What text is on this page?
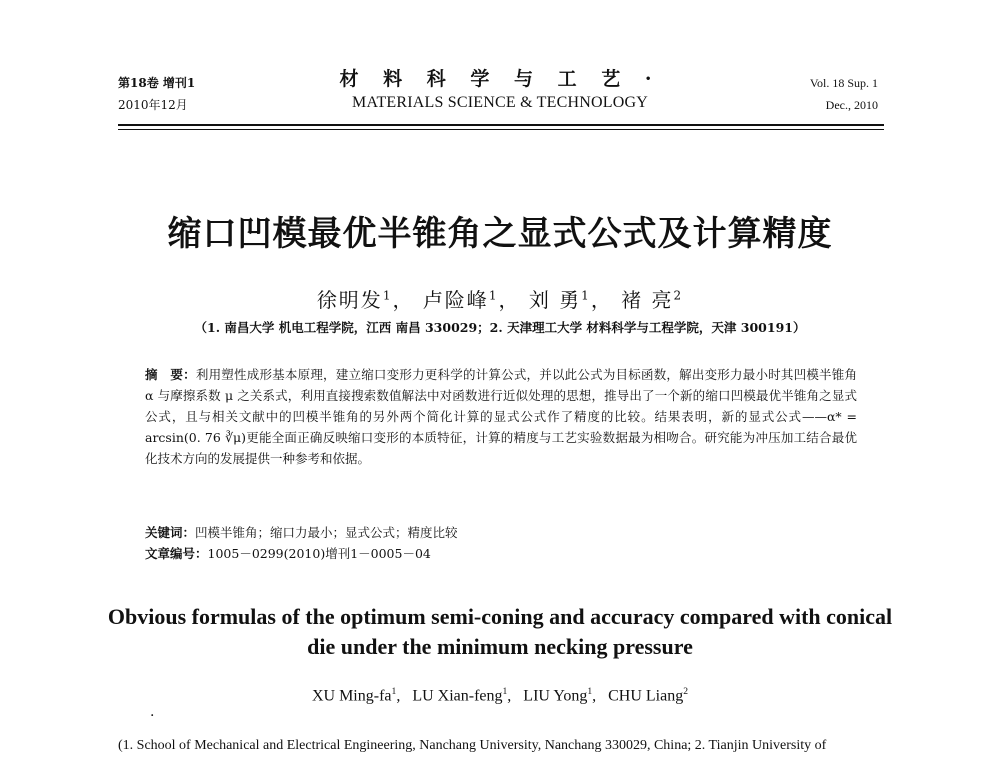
第18卷 增刊1
2010年12月
材 料 科 学 与 工 艺 ·
MATERIALS SCIENCE & TECHNOLOGY
Vol. 18 Sup. 1
Dec., 2010
缩口凹模最优半锥角之显式公式及计算精度
徐明发$^1$， 卢险峰$^1$， 刘 勇$^1$， 褚 亮$^2$
（1. 南昌大学 机电工程学院，江西 南昌 330029；2. 天津理工大学 材料科学与工程学院，天津 300191）
摘　要：利用塑性成形基本原理，建立缩口变形力更科学的计算公式，并以此公式为目标函数，解出变形力最小时其凹模半锥角 α 与摩擦系数 μ 之关系式，利用直接搜索数值解法中对函数进行近似处理的思想，推导出了一个新的缩口凹模最优半锥角之显式公式，且与相关文献中的凹模半锥角的另外两个简化计算的显式公式作了精度的比较。结果表明，新的显式公式——α* = arcsin(0. 76 ∛μ)更能全面正确反映缩口变形的本质特征，计算的精度与工艺实验数据最为相吻合。研究能为冲压加工结合最优化技术方向的发展提供一种参考和依据。
关键词：凹模半锥角；缩口力最小；显式公式；精度比较
文章编号：1005－0299(2010)增刊1－0005－04
Obvious formulas of the optimum semi-coning and accuracy compared with conical die under the minimum necking pressure
XU Ming-$fa^1$, LU Xian-feng$^1$, LIU Yong$^1$, CHU Liang$^2$
·
(1. School of Mechanical and Electrical Engineering, Nanchang University, Nanchang 330029, China; 2. Tianjin University of
